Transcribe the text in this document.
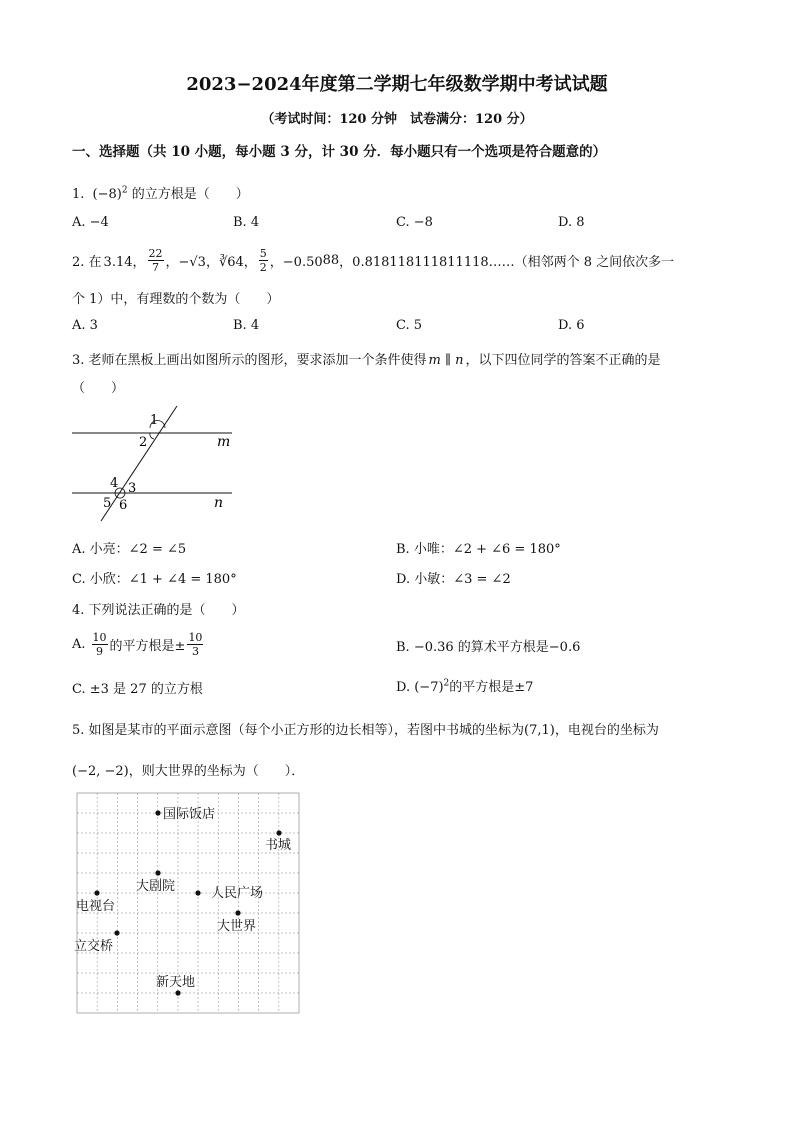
2023−2024年度第二学期七年级数学期中考试试题
（考试时间：120 分钟　试卷满分：120 分）
一、选择题（共 10 小题，每小题 3 分，计 30 分．每小题只有一个选项是符合题意的）
1. $(-8)^2$ 的立方根是（　　）
A. −4	B. 4	C. −8	D. 8
2. 在 3.14， $\frac{22}{7}$ ，−√3，∛64， $\frac{5}{2}$ ，−0.50 88 ，0.818118111811118……（相邻两个 8 之间依次多一
个 1）中，有理数的个数为（　　）
A. 3	B. 4	C. 5	D. 6
3. 老师在黑板上画出如图所示的图形，要求添加一个条件使得 m ∥ n ，以下四位同学的答案不正确的是
（　　）
1
2
3
4
5 6
m
n
A. 小亮：∠2 = ∠5	B. 小唯：∠2 + ∠6 = 180°
C. 小欣：∠1 + ∠4 = 180°	D. 小敏：∠3 = ∠2
4. 下列说法正确的是（　　）
A. $\frac{10}{9}$ 的平方根是± $\frac{10}{3}$	B. −0.36 的算术平方根是−0.6
C. ±3 是 27 的立方根	D. $(-7)^2$的平方根是±7
5. 如图是某市的平面示意图（每个小正方形的边长相等），若图中书城的坐标为(7,1)，电视台的坐标为
(−2, −2)，则大世界的坐标为（　　）．
国际饭店
书城
大剧院	人民广场
电视台
大世界
立交桥
新天地
